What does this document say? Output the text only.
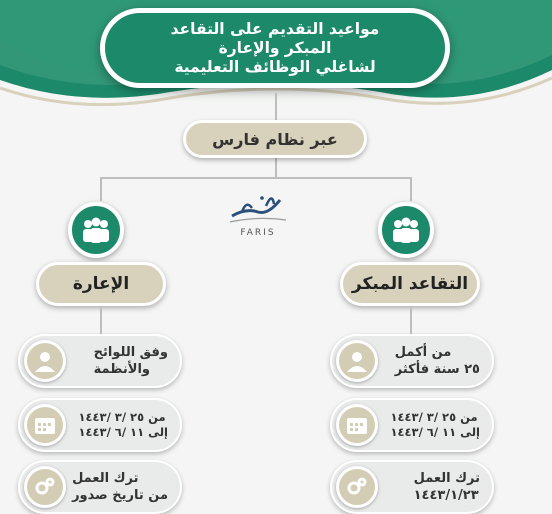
مواعيد التقديم على التقاعد
المبكر والإعارة
لشاغلي الوظائف التعليمية
عبر نظام فارس
FARIS
الإعارة	التقاعد المبكر
وفق اللوائح
والأنظمة
من ٢٥ /٣ /١٤٤٣
إلى ١١ /٦ /١٤٤٣
ترك العمل
من تاريخ صدور
من أكمل
٢٥ سنة فأكثر
من ٢٥ /٣ /١٤٤٣
إلى ١١ /٦ /١٤٤٣
ترك العمل
١٤٤٣/١/٢٣
